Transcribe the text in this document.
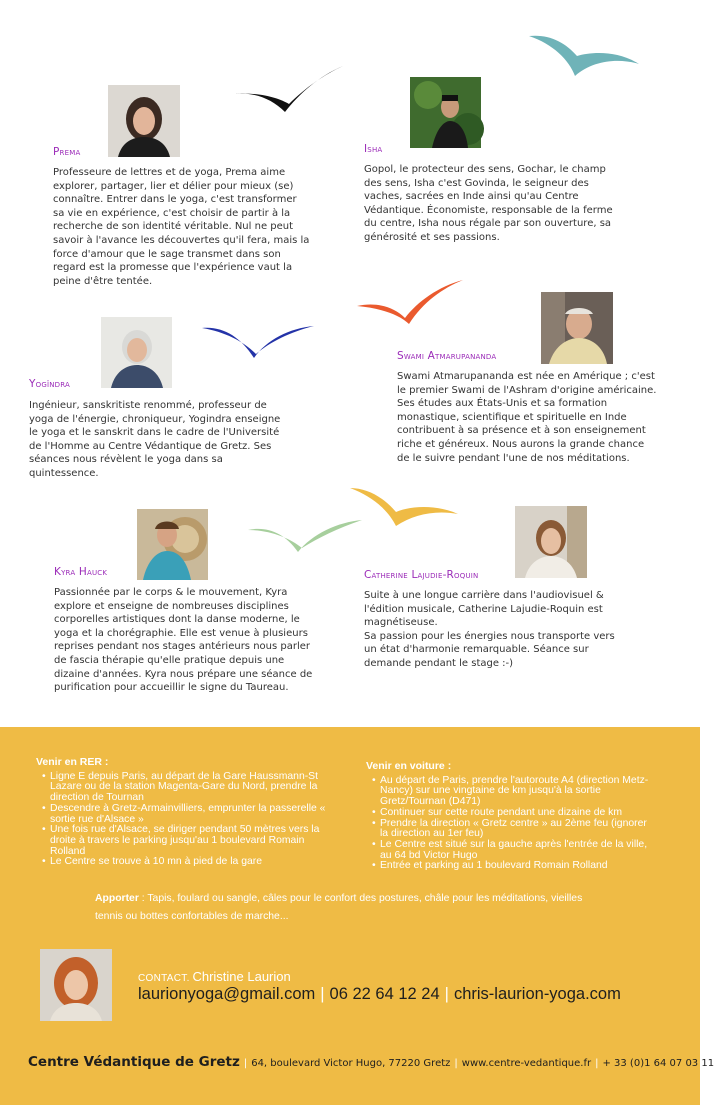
Prema
Professeure de lettres et de yoga, Prema aime explorer, partager, lier et délier pour mieux (se) connaître. Entrer dans le yoga, c'est transformer sa vie en expérience, c'est choisir de partir à la recherche de son identité véritable. Nul ne peut savoir à l'avance les découvertes qu'il fera, mais la force d'amour que le sage transmet dans son regard est la promesse que l'expérience vaut la peine d'être tentée.
Isha
Gopol, le protecteur des sens, Gochar, le champ des sens, Isha c'est Govinda, le seigneur des vaches, sacrées en Inde ainsi qu'au Centre Védantique. Économiste, responsable de la ferme du centre, Isha nous régale par son ouverture, sa générosité et ses passions.
Yogîndra
Ingénieur, sanskritiste renommé, professeur de yoga de l'énergie, chroniqueur, Yogindra enseigne le yoga et le sanskrit dans le cadre de l'Université de l'Homme au Centre Védantique de Gretz. Ses séances nous révèlent le yoga dans sa quintessence.
Swami Atmarupananda
Swami Atmarupananda est née en Amérique ; c'est le premier Swami de l'Ashram d'origine américaine. Ses études aux États-Unis et sa formation monastique, scientifique et spirituelle en Inde contribuent à sa présence et à son enseignement riche et généreux. Nous aurons la grande chance de le suivre pendant l'une de nos méditations.
Kyra Hauck
Passionnée par le corps & le mouvement, Kyra explore et enseigne de nombreuses disciplines corporelles artistiques dont la danse moderne, le yoga et la chorégraphie. Elle est venue à plusieurs reprises pendant nos stages antérieurs nous parler de fascia thérapie qu'elle pratique depuis une dizaine d'années. Kyra nous prépare une séance de purification pour accueillir le signe du Taureau.
Catherine Lajudie-Roquin
Suite à une longue carrière dans l'audiovisuel & l'édition musicale, Catherine Lajudie-Roquin est magnétiseuse.
Sa passion pour les énergies nous transporte vers un état d'harmonie remarquable. Séance sur demande pendant le stage :-)
Venir en RER :
• Ligne E depuis Paris, au départ de la Gare Haussmann-St Lazare ou de la station Magenta-Gare du Nord, prendre la direction de Tournan
• Descendre à Gretz-Armainvilliers, emprunter la passerelle « sortie rue d'Alsace »
• Une fois rue d'Alsace, se diriger pendant 50 mètres vers la droite à travers le parking jusqu'au 1 boulevard Romain Rolland
• Le Centre se trouve à 10 mn à pied de la gare
Venir en voiture :
• Au départ de Paris, prendre l'autoroute A4 (direction Metz-Nancy) sur une vingtaine de km jusqu'à la sortie Gretz/Tournan (D471)
• Continuer sur cette route pendant une dizaine de km
• Prendre la direction « Gretz centre » au 2ème feu (ignorer la direction au 1er feu)
• Le Centre est situé sur la gauche après l'entrée de la ville, au 64 bd Victor Hugo
• Entrée et parking au 1 boulevard Romain Rolland
Apporter : Tapis, foulard ou sangle, câles pour le confort des postures, châle pour les méditations, vieilles tennis ou bottes confortables de marche...
CONTACT. Christine Laurion
laurionyoga@gmail.com | 06 22 64 12 24 | chris-laurion-yoga.com
Centre Védantique de Gretz | 64, boulevard Victor Hugo, 77220 Gretz | www.centre-vedantique.fr | + 33 (0)1 64 07 03 11
